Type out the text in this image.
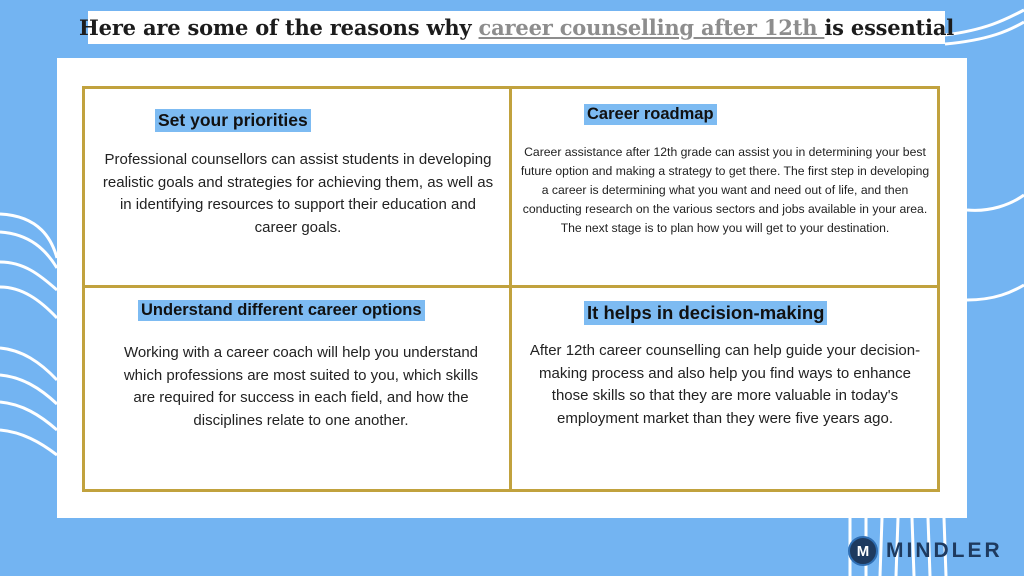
Here are some of the reasons why career counselling after 12th is essential
Set your priorities
Professional counsellors can assist students in developing realistic goals and strategies for achieving them, as well as in identifying resources to support their education and career goals.
Career roadmap
Career assistance after 12th grade can assist you in determining your best future option and making a strategy to get there. The first step in developing a career is determining what you want and need out of life, and then conducting research on the various sectors and jobs available in your area. The next stage is to plan how you will get to your destination.
Understand different career options
Working with a career coach will help you understand which professions are most suited to you, which skills are required for success in each field, and how the disciplines relate to one another.
It helps in decision-making
After 12th career counselling can help guide your decision-making process and also help you find ways to enhance those skills so that they are more valuable in today's employment market than they were five years ago.
M MINDLER
